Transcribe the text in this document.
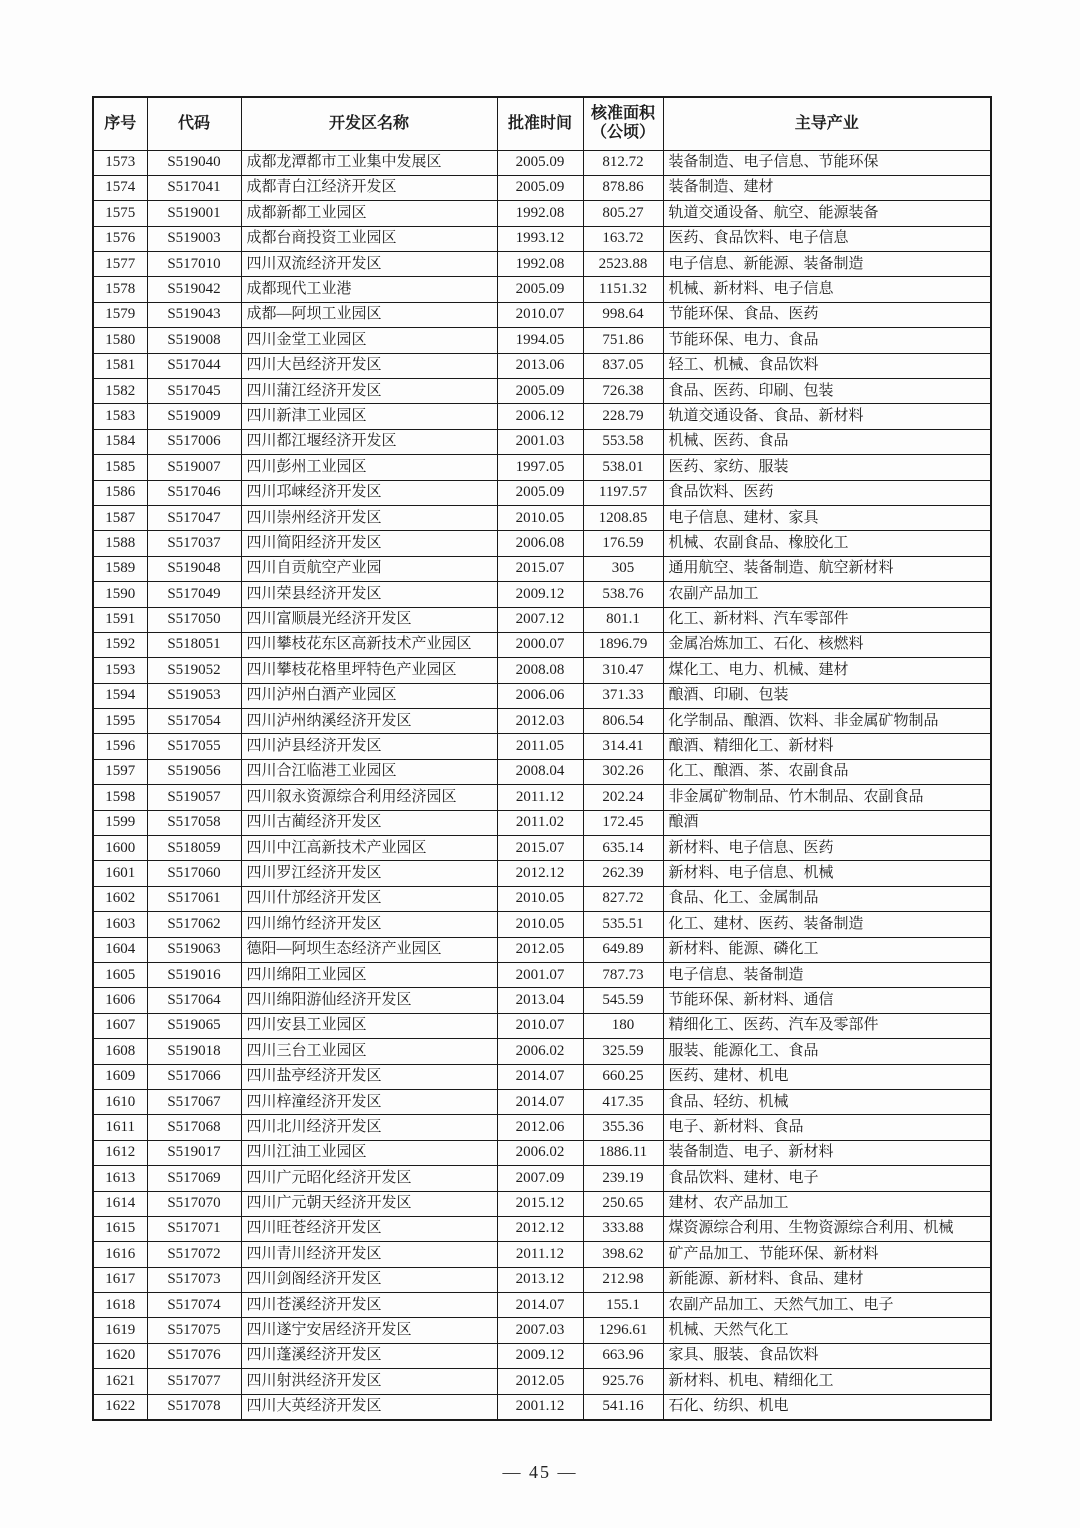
序号	代码	开发区名称	批准时间	核准面积
（公顷）	主导产业
1573	S519040	成都龙潭都市工业集中发展区	2005.09	812.72	装备制造、电子信息、节能环保
1574	S517041	成都青白江经济开发区	2005.09	878.86	装备制造、建材
1575	S519001	成都新都工业园区	1992.08	805.27	轨道交通设备、航空、能源装备
1576	S519003	成都台商投资工业园区	1993.12	163.72	医药、食品饮料、电子信息
1577	S517010	四川双流经济开发区	1992.08	2523.88	电子信息、新能源、装备制造
1578	S519042	成都现代工业港	2005.09	1151.32	机械、新材料、电子信息
1579	S519043	成都—阿坝工业园区	2010.07	998.64	节能环保、食品、医药
1580	S519008	四川金堂工业园区	1994.05	751.86	节能环保、电力、食品
1581	S517044	四川大邑经济开发区	2013.06	837.05	轻工、机械、食品饮料
1582	S517045	四川蒲江经济开发区	2005.09	726.38	食品、医药、印刷、包装
1583	S519009	四川新津工业园区	2006.12	228.79	轨道交通设备、食品、新材料
1584	S517006	四川都江堰经济开发区	2001.03	553.58	机械、医药、食品
1585	S519007	四川彭州工业园区	1997.05	538.01	医药、家纺、服装
1586	S517046	四川邛崃经济开发区	2005.09	1197.57	食品饮料、医药
1587	S517047	四川崇州经济开发区	2010.05	1208.85	电子信息、建材、家具
1588	S517037	四川简阳经济开发区	2006.08	176.59	机械、农副食品、橡胶化工
1589	S519048	四川自贡航空产业园	2015.07	305	通用航空、装备制造、航空新材料
1590	S517049	四川荣县经济开发区	2009.12	538.76	农副产品加工
1591	S517050	四川富顺晨光经济开发区	2007.12	801.1	化工、新材料、汽车零部件
1592	S518051	四川攀枝花东区高新技术产业园区	2000.07	1896.79	金属冶炼加工、石化、核燃料
1593	S519052	四川攀枝花格里坪特色产业园区	2008.08	310.47	煤化工、电力、机械、建材
1594	S519053	四川泸州白酒产业园区	2006.06	371.33	酿酒、印刷、包装
1595	S517054	四川泸州纳溪经济开发区	2012.03	806.54	化学制品、酿酒、饮料、非金属矿物制品
1596	S517055	四川泸县经济开发区	2011.05	314.41	酿酒、精细化工、新材料
1597	S519056	四川合江临港工业园区	2008.04	302.26	化工、酿酒、茶、农副食品
1598	S519057	四川叙永资源综合利用经济园区	2011.12	202.24	非金属矿物制品、竹木制品、农副食品
1599	S517058	四川古蔺经济开发区	2011.02	172.45	酿酒
1600	S518059	四川中江高新技术产业园区	2015.07	635.14	新材料、电子信息、医药
1601	S517060	四川罗江经济开发区	2012.12	262.39	新材料、电子信息、机械
1602	S517061	四川什邡经济开发区	2010.05	827.72	食品、化工、金属制品
1603	S517062	四川绵竹经济开发区	2010.05	535.51	化工、建材、医药、装备制造
1604	S519063	德阳—阿坝生态经济产业园区	2012.05	649.89	新材料、能源、磷化工
1605	S519016	四川绵阳工业园区	2001.07	787.73	电子信息、装备制造
1606	S517064	四川绵阳游仙经济开发区	2013.04	545.59	节能环保、新材料、通信
1607	S519065	四川安县工业园区	2010.07	180	精细化工、医药、汽车及零部件
1608	S519018	四川三台工业园区	2006.02	325.59	服装、能源化工、食品
1609	S517066	四川盐亭经济开发区	2014.07	660.25	医药、建材、机电
1610	S517067	四川梓潼经济开发区	2014.07	417.35	食品、轻纺、机械
1611	S517068	四川北川经济开发区	2012.06	355.36	电子、新材料、食品
1612	S519017	四川江油工业园区	2006.02	1886.11	装备制造、电子、新材料
1613	S517069	四川广元昭化经济开发区	2007.09	239.19	食品饮料、建材、电子
1614	S517070	四川广元朝天经济开发区	2015.12	250.65	建材、农产品加工
1615	S517071	四川旺苍经济开发区	2012.12	333.88	煤资源综合利用、生物资源综合利用、机械
1616	S517072	四川青川经济开发区	2011.12	398.62	矿产品加工、节能环保、新材料
1617	S517073	四川剑阁经济开发区	2013.12	212.98	新能源、新材料、食品、建材
1618	S517074	四川苍溪经济开发区	2014.07	155.1	农副产品加工、天然气加工、电子
1619	S517075	四川遂宁安居经济开发区	2007.03	1296.61	机械、天然气化工
1620	S517076	四川蓬溪经济开发区	2009.12	663.96	家具、服装、食品饮料
1621	S517077	四川射洪经济开发区	2012.05	925.76	新材料、机电、精细化工
1622	S517078	四川大英经济开发区	2001.12	541.16	石化、纺织、机电
— 45 —
